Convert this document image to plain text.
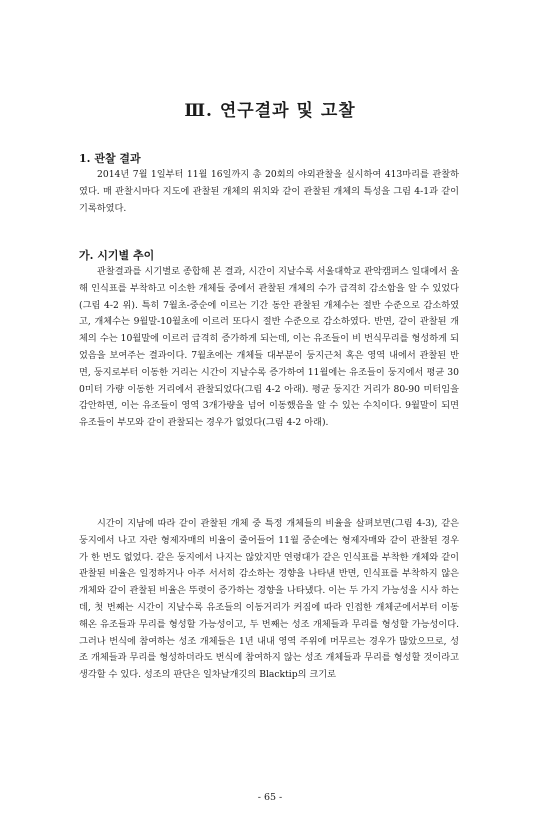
Ⅲ. 연구결과 및 고찰
1. 관찰 결과

2014년 7월 1일부터 11월 16일까지 총 20회의 야외관찰을 실시하여 413마리를 관찰하였다. 매 관찰시마다 지도에 관찰된 개체의 위치와 같이 관찰된 개체의 특성을 그림 4-1과 같이 기록하였다.

가. 시기별 추이

관찰결과를 시기별로 종합해 본 결과, 시간이 지날수록 서울대학교 관악캠퍼스 일대에서 올해 인식표를 부착하고 이소한 개체들 중에서 관찰된 개체의 수가 급격히 감소함을 알 수 있었다(그림 4-2 위). 특히 7월초-중순에 이르는 기간 동안 관찰된 개체수는 절반 수준으로 감소하였고, 개체수는 9월말-10월초에 이르러 또다시 절반 수준으로 감소하였다. 반면, 같이 관찰된 개체의 수는 10월말에 이르러 급격히 증가하게 되는데, 이는 유조들이 비 번식무리를 형성하게 되었음을 보여주는 결과이다. 7월초에는 개체들 대부분이 둥지근처 혹은 영역 내에서 관찰된 반면, 둥지로부터 이동한 거리는 시간이 지날수록 증가하여 11월에는 유조들이 둥지에서 평균 300미터 가량 이동한 거리에서 관찰되었다(그림 4-2 아래). 평균 둥지간 거리가 80-90 미터임을 감안하면, 이는 유조들이 영역 3개가량을 넘어 이동했음을 알 수 있는 수치이다. 9월말이 되면 유조들이 부모와 같이 관찰되는 경우가 없었다(그림 4-2 아래).

시간이 지남에 따라 같이 관찰된 개체 중 특정 개체들의 비율을 살펴보면(그림 4-3), 같은 둥지에서 나고 자란 형제자매의 비율이 줄어들어 11월 중순에는 형제자매와 같이 관찰된 경우가 한 번도 없었다. 같은 둥지에서 나지는 않았지만 연령대가 같은 인식표를 부착한 개체와 같이 관찰된 비율은 일정하거나 아주 서서히 감소하는 경향을 나타낸 반면, 인식표를 부착하지 않은 개체와 같이 관찰된 비율은 뚜렷이 증가하는 경향을 나타냈다. 이는 두 가지 가능성을 시사 하는데, 첫 번째는 시간이 지날수록 유조들의 이동거리가 커짐에 따라 인접한 개체군에서부터 이동해온 유조들과 무리를 형성할 가능성이고, 두 번째는 성조 개체들과 무리를 형성할 가능성이다. 그러나 번식에 참여하는 성조 개체들은 1년 내내 영역 주위에 머무르는 경우가 많았으므로, 성조 개체들과 무리를 형성하더라도 번식에 참여하지 않는 성조 개체들과 무리를 형성할 것이라고 생각할 수 있다. 성조의 판단은 일차날개깃의 Blacktip의 크기로

- 65 -
